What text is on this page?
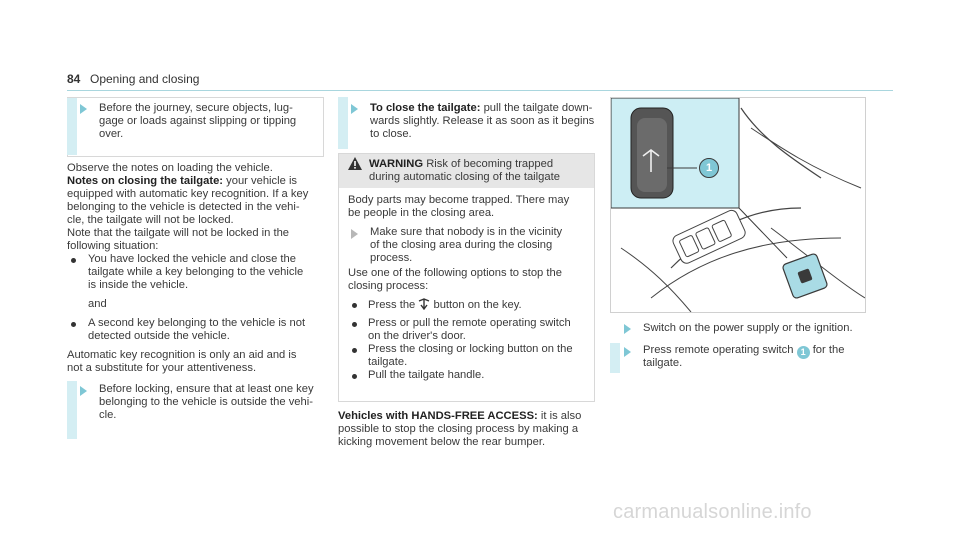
84 Opening and closing
Before the journey, secure objects, lug-
gage or loads against slipping or tipping
over.
Observe the notes on loading the vehicle.
Notes on closing the tailgate: your vehicle is
equipped with automatic key recognition. If a key
belonging to the vehicle is detected in the vehi-
cle, the tailgate will not be locked.
Note that the tailgate will not be locked in the
following situation:
You have locked the vehicle and close the
tailgate while a key belonging to the vehicle
is inside the vehicle.
and
A second key belonging to the vehicle is not
detected outside the vehicle.
Automatic key recognition is only an aid and is
not a substitute for your attentiveness.
Before locking, ensure that at least one key
belonging to the vehicle is outside the vehi-
cle.
To close the tailgate: pull the tailgate down-
wards slightly. Release it as soon as it begins
to close.
WARNING Risk of becoming trapped
during automatic closing of the tailgate
Body parts may become trapped. There may
be people in the closing area.
Make sure that nobody is in the vicinity
of the closing area during the closing
process.
Use one of the following options to stop the
closing process:
Press the button on the key.
Press or pull the remote operating switch
on the driver's door.
Press the closing or locking button on the
tailgate.
Pull the tailgate handle.
Vehicles with HANDS-FREE ACCESS: it is also
possible to stop the closing process by making a
kicking movement below the rear bumper.
1
Switch on the power supply or the ignition.
Press remote operating switch 1 for the
tailgate.
carmanualsonline.info
